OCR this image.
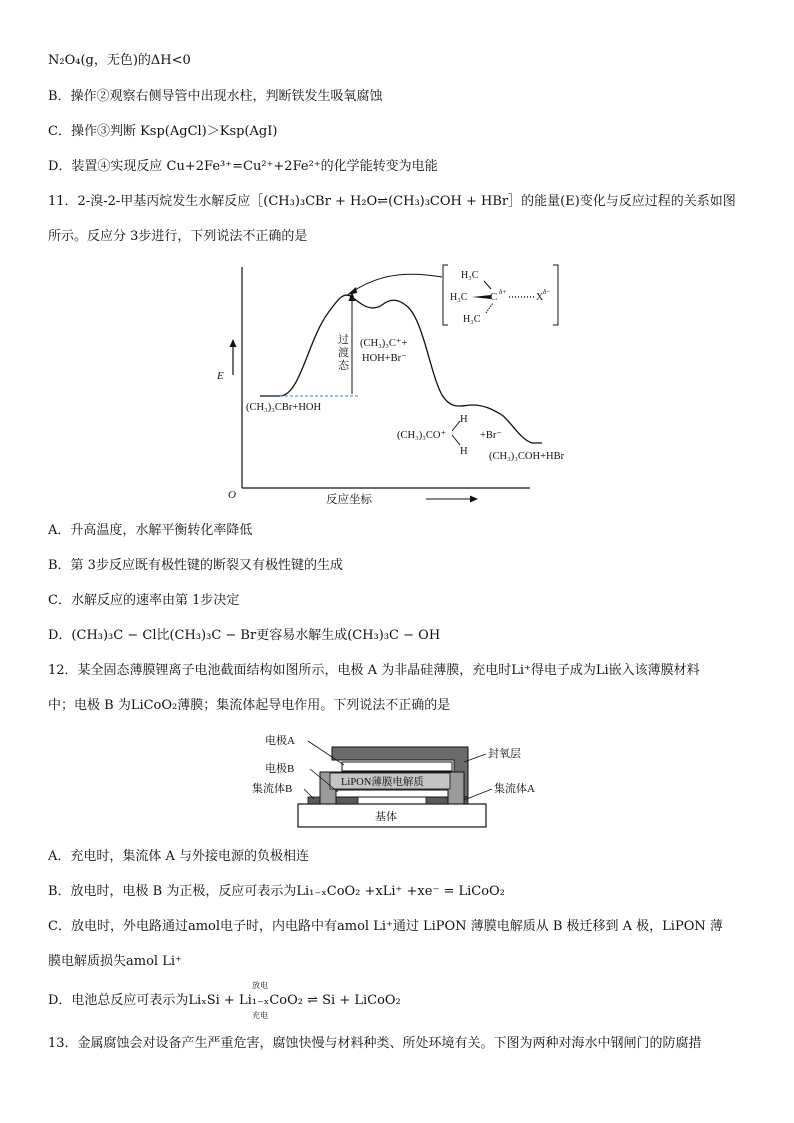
N₂O₄(g，无色)的ΔH<0
B．操作②观察右侧导管中出现水柱，判断铁发生吸氧腐蚀
C．操作③判断 Ksp(AgCl)＞Ksp(AgI)
D．装置④实现反应 Cu+2Fe³⁺=Cu²⁺+2Fe²⁺的化学能转变为电能
11．2-溴-2-甲基丙烷发生水解反应［(CH₃)₃CBr + H₂O⇌(CH₃)₃COH + HBr］的能量(E)变化与反应过程的关系如图
所示。反应分 3步进行，下列说法不正确的是
E
O	反应坐标
过
渡
态
(CH₃)₃CBr+HOH
(CH₃)₃C⁺+
HOH+Br⁻
(CH₃)₃CO⁺
H
H
+Br⁻
(CH₃)₃COH+HBr
H₃C
H₃C
H₃C
C δ+	X δ−
A．升高温度，水解平衡转化率降低
B．第 3步反应既有极性键的断裂又有极性键的生成
C．水解反应的速率由第 1步决定
D．(CH₃)₃C − Cl比(CH₃)₃C − Br更容易水解生成(CH₃)₃C − OH
12．某全固态薄膜锂离子电池截面结构如图所示，电极 A 为非晶硅薄膜，充电时Li⁺得电子成为Li嵌入该薄膜材料
中；电极 B 为LiCoO₂薄膜；集流体起导电作用。下列说法不正确的是
基体
LiPON薄膜电解质
电极A
电极B
集流体B
封氧层
集流体A
A．充电时，集流体 A 与外接电源的负极相连
B．放电时，电极 B 为正极，反应可表示为Li₁₋ₓCoO₂ +xLi⁺ +xe⁻ = LiCoO₂
C．放电时，外电路通过amol电子时，内电路中有amol Li⁺通过 LiPON 薄膜电解质从 B 极迁移到 A 极，LiPON 薄
膜电解质损失amol Li⁺
D．电池总反应可表示为LiₓSi + Li₁₋ₓCoO₂ ⇌ Si + LiCoO₂
放电
充电
13．金属腐蚀会对设备产生严重危害，腐蚀快慢与材料种类、所处环境有关。下图为两种对海水中钢闸门的防腐措
